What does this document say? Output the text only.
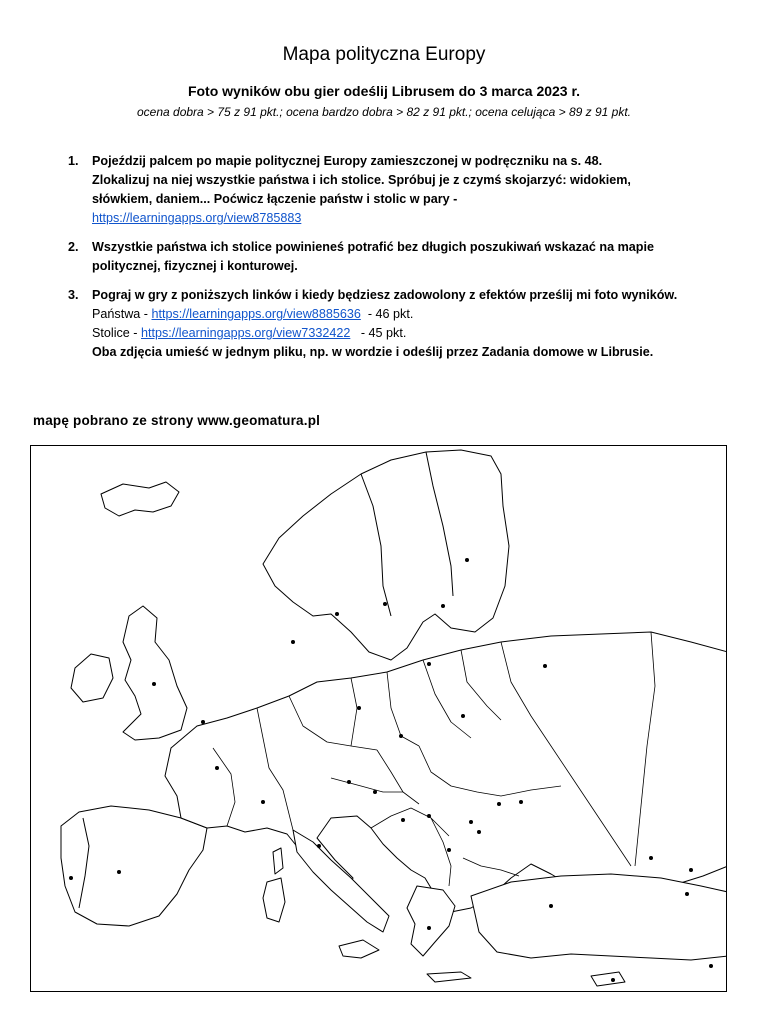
Mapa polityczna Europy
Foto wyników obu gier odeślij Librusem do 3 marca 2023 r.
ocena dobra > 75 z 91 pkt.; ocena bardzo dobra > 82 z 91 pkt.; ocena celująca > 89 z 91 pkt.
1. Pojeździj palcem po mapie politycznej Europy zamieszczonej w podręczniku na s. 48.
Zlokalizuj na niej wszystkie państwa i ich stolice. Spróbuj je z czymś skojarzyć: widokiem,
słówkiem, daniem... Poćwicz łączenie państw i stolic w pary -
https://learningapps.org/view8785883
2. Wszystkie państwa ich stolice powinieneś potrafić bez długich poszukiwań wskazać na mapie
politycznej, fizycznej i konturowej.
3. Pograj w gry z poniższych linków i kiedy będziesz zadowolony z efektów prześlij mi foto wyników.
Państwa - https://learningapps.org/view8885636  - 46 pkt.
Stolice - https://learningapps.org/view7332422   - 45 pkt.
Oba zdjęcia umieść w jednym pliku, np. w wordzie i odeślij przez Zadania domowe w Librusie.
mapę pobrano ze strony www.geomatura.pl
